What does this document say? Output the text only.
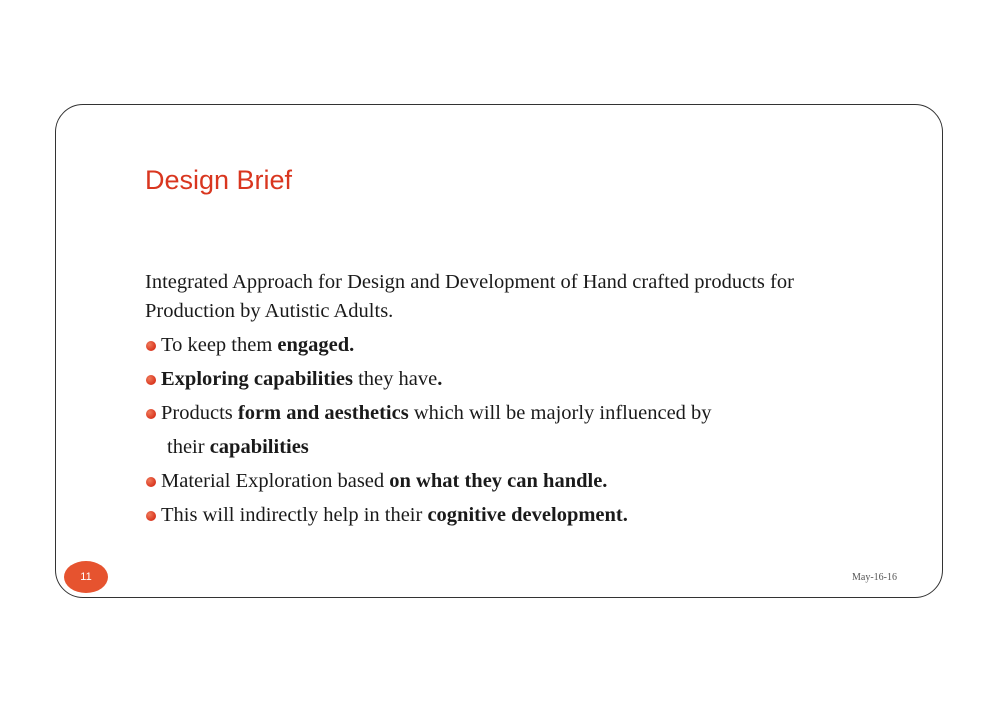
Design Brief

Integrated Approach for Design and Development of Hand crafted products for Production by Autistic Adults.

To keep them engaged.
Exploring capabilities they have.
Products form and aesthetics which will be majorly influenced by
their capabilities
Material Exploration based on what they can handle.
This will indirectly help in their cognitive development.
11	May-16-16
